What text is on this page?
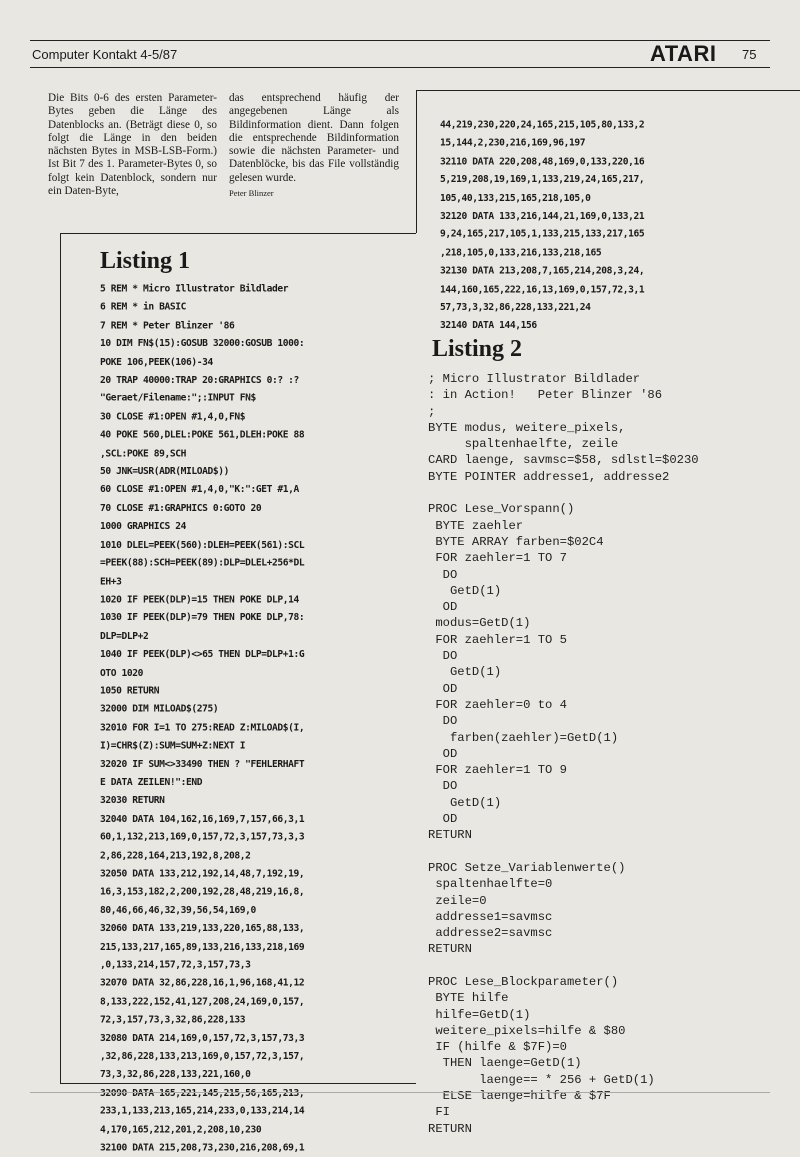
Computer Kontakt 4-5/87	ATARI 75

Die Bits 0-6 des ersten Parameter-Bytes geben die Länge des Datenblocks an. (Beträgt diese 0, so folgt die Länge in den beiden nächsten Bytes in MSB-LSB-Form.) Ist Bit 7 des 1. Parameter-Bytes 0, so folgt kein Datenblock, sondern nur ein Daten-Byte,

das entsprechend häufig der angegebenen Länge als Bildinformation dient. Dann folgen die entsprechende Bildinformation sowie die nächsten Parameter- und Datenblöcke, bis das File vollständig gelesen wurde.

Peter Blinzer
Listing 1
5 REM * Micro Illustrator Bildlader
6 REM * in BASIC
7 REM * Peter Blinzer '86
10 DIM FN$(15):GOSUB 32000:GOSUB 1000:
POKE 106,PEEK(106)-34
20 TRAP 40000:TRAP 20:GRAPHICS 0:? :?
"Geraet/Filename:";:INPUT FN$
30 CLOSE #1:OPEN #1,4,0,FN$
40 POKE 560,DLEL:POKE 561,DLEH:POKE 88
,SCL:POKE 89,SCH
50 JNK=USR(ADR(MILOAD$))
60 CLOSE #1:OPEN #1,4,0,"K:":GET #1,A
70 CLOSE #1:GRAPHICS 0:GOTO 20
1000 GRAPHICS 24
1010 DLEL=PEEK(560):DLEH=PEEK(561):SCL
=PEEK(88):SCH=PEEK(89):DLP=DLEL+256*DL
EH+3
1020 IF PEEK(DLP)=15 THEN POKE DLP,14
1030 IF PEEK(DLP)=79 THEN POKE DLP,78:
DLP=DLP+2
1040 IF PEEK(DLP)<>65 THEN DLP=DLP+1:G
OTO 1020
1050 RETURN
32000 DIM MILOAD$(275)
32010 FOR I=1 TO 275:READ Z:MILOAD$(I,
I)=CHR$(Z):SUM=SUM+Z:NEXT I
32020 IF SUM<>33490 THEN ? "FEHLERHAFT
E DATA ZEILEN!":END
32030 RETURN
32040 DATA 104,162,16,169,7,157,66,3,1
60,1,132,213,169,0,157,72,3,157,73,3,3
2,86,228,164,213,192,8,208,2
32050 DATA 133,212,192,14,48,7,192,19,
16,3,153,182,2,200,192,28,48,219,16,8,
80,46,66,46,32,39,56,54,169,0
32060 DATA 133,219,133,220,165,88,133,
215,133,217,165,89,133,216,133,218,169
,0,133,214,157,72,3,157,73,3
32070 DATA 32,86,228,16,1,96,168,41,12
8,133,222,152,41,127,208,24,169,0,157,
72,3,157,73,3,32,86,228,133
32080 DATA 214,169,0,157,72,3,157,73,3
,32,86,228,133,213,169,0,157,72,3,157,
73,3,32,86,228,133,221,160,0
32090 DATA 165,221,145,215,56,165,213,
233,1,133,213,165,214,233,0,133,214,14
4,170,165,212,201,2,208,10,230
32100 DATA 215,208,73,230,216,208,69,1
44,219,230,220,24,165,215,105,80,133,2
15,144,2,230,216,169,96,197
32110 DATA 220,208,48,169,0,133,220,16
5,219,208,19,169,1,133,219,24,165,217,
105,40,133,215,165,218,105,0
32120 DATA 133,216,144,21,169,0,133,21
9,24,165,217,105,1,133,215,133,217,165
,218,105,0,133,216,133,218,165
32130 DATA 213,208,7,165,214,208,3,24,
144,160,165,222,16,13,169,0,157,72,3,1
57,73,3,32,86,228,133,221,24
32140 DATA 144,156
Listing 2
; Micro Illustrator Bildlader
: in Action!   Peter Blinzer '86
;
BYTE modus, weitere_pixels,
spaltenhaelfte, zeile
CARD laenge, savmsc=$58, sdlstl=$0230
BYTE POINTER addresse1, addresse2

PROC Lese_Vorspann()
BYTE zaehler
BYTE ARRAY farben=$02C4
FOR zaehler=1 TO 7
DO
GetD(1)
OD
modus=GetD(1)
FOR zaehler=1 TO 5
DO
GetD(1)
OD
FOR zaehler=0 to 4
DO
farben(zaehler)=GetD(1)
OD
FOR zaehler=1 TO 9
DO
GetD(1)
OD
RETURN

PROC Setze_Variablenwerte()
spaltenhaelfte=0
zeile=0
addresse1=savmsc
addresse2=savmsc
RETURN

PROC Lese_Blockparameter()
BYTE hilfe
hilfe=GetD(1)
weitere_pixels=hilfe & $80
IF (hilfe & $7F)=0
THEN laenge=GetD(1)
laenge== * 256 + GetD(1)
ELSE laenge=hilfe & $7F
FI
RETURN
